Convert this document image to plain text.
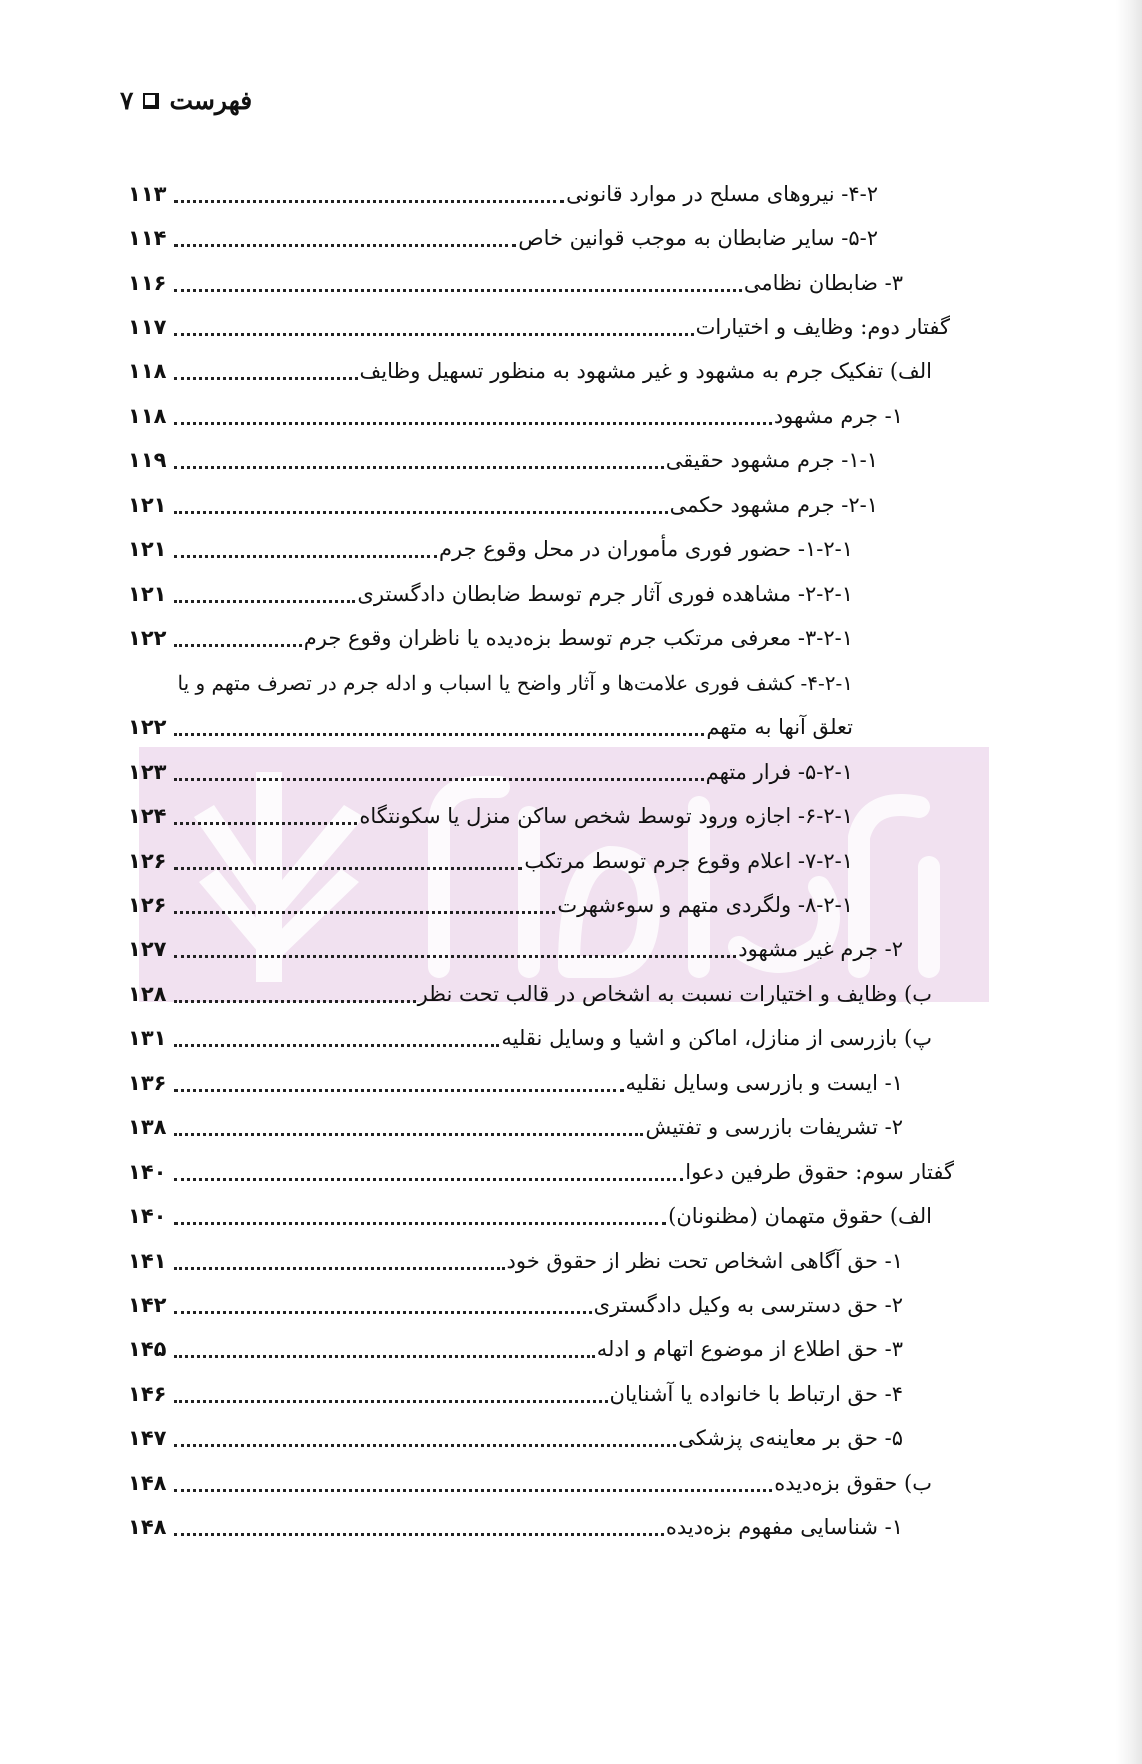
فهرست
۷
۴-۲- نیروهای مسلح در موارد قانونی
۱۱۳
۵-۲- سایر ضابطان به موجب قوانین خاص
۱۱۴
۳- ضابطان نظامی
۱۱۶
گفتار دوم: وظایف و اختیارات
۱۱۷
الف) تفکیک جرم به مشهود و غیر مشهود به منظور تسهیل وظایف
۱۱۸
۱- جرم مشهود
۱۱۸
۱-۱- جرم مشهود حقیقی
۱۱۹
۲-۱- جرم مشهود حکمی
۱۲۱
۱-۲-۱- حضور فوری مأموران در محل وقوع جرم
۱۲۱
۲-۲-۱- مشاهده فوری آثار جرم توسط ضابطان دادگستری
۱۲۱
۳-۲-۱- معرفی مرتکب جرم توسط بزه‌دیده یا ناظران وقوع جرم
۱۲۲
۴-۲-۱- کشف فوری علامت‌ها و آثار واضح یا اسباب و ادله جرم در تصرف متهم و یا
تعلق آنها به متهم
۱۲۲
۵-۲-۱- فرار متهم
۱۲۳
۶-۲-۱- اجازه ورود توسط شخص ساکن منزل یا سکونتگاه
۱۲۴
۷-۲-۱- اعلام وقوع جرم توسط مرتکب
۱۲۶
۸-۲-۱- ولگردی متهم و سوءشهرت
۱۲۶
۲- جرم غیر مشهود
۱۲۷
ب) وظایف و اختیارات نسبت به اشخاص در قالب تحت نظر
۱۲۸
پ) بازرسی از منازل، اماکن و اشیا و وسایل نقلیه
۱۳۱
۱- ایست و بازرسی وسایل نقلیه
۱۳۶
۲- تشریفات بازرسی و تفتیش
۱۳۸
گفتار سوم: حقوق طرفین دعوا
۱۴۰
الف) حقوق متهمان (مظنونان)
۱۴۰
۱- حق آگاهی اشخاص تحت نظر از حقوق خود
۱۴۱
۲- حق دسترسی به وکیل دادگستری
۱۴۲
۳- حق اطلاع از موضوع اتهام و ادله
۱۴۵
۴- حق ارتباط با خانواده یا آشنایان
۱۴۶
۵- حق بر معاینه‌ی پزشکی
۱۴۷
ب) حقوق بزه‌دیده
۱۴۸
۱- شناسایی مفهوم بزه‌دیده
۱۴۸
